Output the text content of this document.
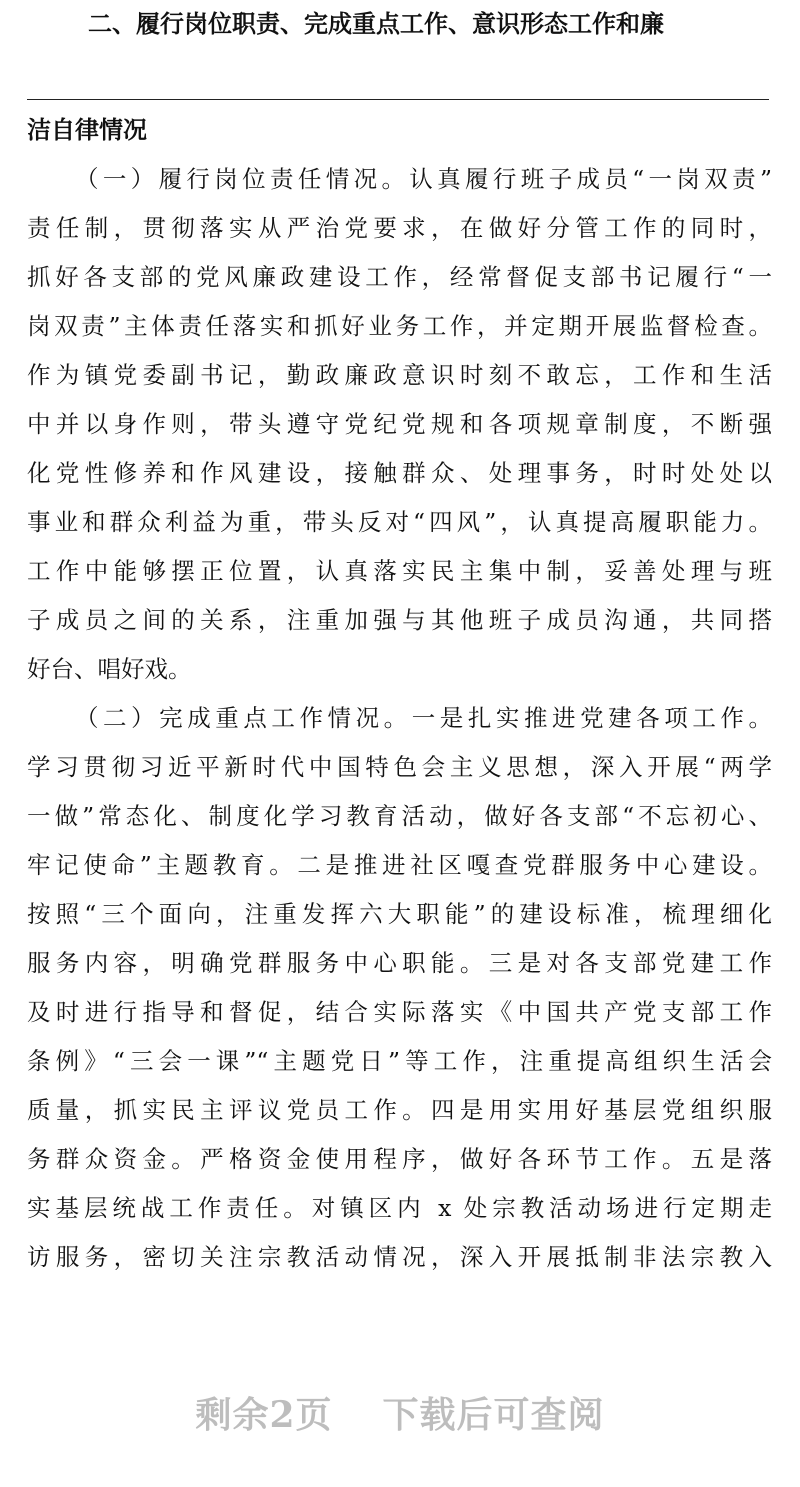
二、履行岗位职责、完成重点工作、意识形态工作和廉
洁自律情况
（一）履行岗位责任情况。认真履行班子成员“一岗双责”
责任制，贯彻落实从严治党要求，在做好分管工作的同时，
抓好各支部的党风廉政建设工作，经常督促支部书记履行“一
岗双责”主体责任落实和抓好业务工作，并定期开展监督检查。
作为镇党委副书记，勤政廉政意识时刻不敢忘，工作和生活
中并以身作则，带头遵守党纪党规和各项规章制度，不断强
化党性修养和作风建设，接触群众、处理事务，时时处处以
事业和群众利益为重，带头反对“四风”，认真提高履职能力。
工作中能够摆正位置，认真落实民主集中制，妥善处理与班
子成员之间的关系，注重加强与其他班子成员沟通，共同搭
好台、唱好戏。
（二）完成重点工作情况。一是扎实推进党建各项工作。
学习贯彻习近平新时代中国特色会主义思想，深入开展“两学
一做”常态化、制度化学习教育活动，做好各支部“不忘初心、
牢记使命”主题教育。二是推进社区嘎查党群服务中心建设。
按照“三个面向，注重发挥六大职能”的建设标准，梳理细化
服务内容，明确党群服务中心职能。三是对各支部党建工作
及时进行指导和督促，结合实际落实《中国共产党支部工作
条例》“三会一课”“主题党日”等工作，注重提高组织生活会
质量，抓实民主评议党员工作。四是用实用好基层党组织服
务群众资金。严格资金使用程序，做好各环节工作。五是落
实基层统战工作责任。对镇区内 x 处宗教活动场进行定期走
访服务，密切关注宗教活动情况，深入开展抵制非法宗教入
剩余2页 下载后可查阅
